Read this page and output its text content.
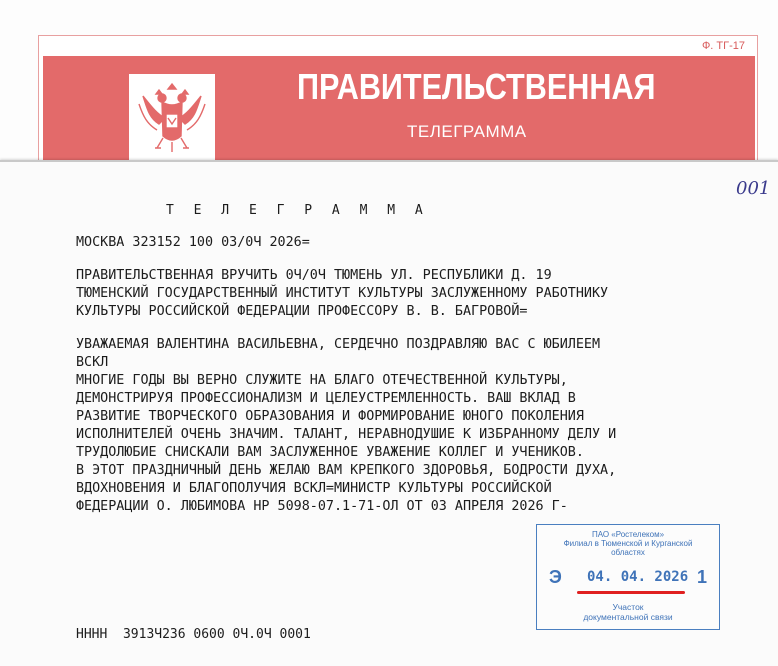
Ф. ТГ-17
ПРАВИТЕЛЬСТВЕННАЯ
ТЕЛЕГРАММА
001
Т Е Л Е Г Р А М М А
МОСКВА 323152 100 03/0Ч 2026=
ПРАВИТЕЛЬСТВЕННАЯ ВРУЧИТЬ 0Ч/0Ч ТЮМЕНЬ УЛ. РЕСПУБЛИКИ Д. 19
ТЮМЕНСКИЙ ГОСУДАРСТВЕННЫЙ ИНСТИТУТ КУЛЬТУРЫ ЗАСЛУЖЕННОМУ РАБОТНИКУ
КУЛЬТУРЫ РОССИЙСКОЙ ФЕДЕРАЦИИ ПРОФЕССОРУ В. В. БАГРОВОЙ=
УВАЖАЕМАЯ ВАЛЕНТИНА ВАСИЛЬЕВНА, СЕРДЕЧНО ПОЗДРАВЛЯЮ ВАС С ЮБИЛЕЕМ
ВСКЛ
МНОГИЕ ГОДЫ ВЫ ВЕРНО СЛУЖИТЕ НА БЛАГО ОТЕЧЕСТВЕННОЙ КУЛЬТУРЫ,
ДЕМОНСТРИРУЯ ПРОФЕССИОНАЛИЗМ И ЦЕЛЕУСТРЕМЛЕННОСТЬ. ВАШ ВКЛАД В
РАЗВИТИЕ ТВОРЧЕСКОГО ОБРАЗОВАНИЯ И ФОРМИРОВАНИЕ ЮНОГО ПОКОЛЕНИЯ
ИСПОЛНИТЕЛЕЙ ОЧЕНЬ ЗНАЧИМ. ТАЛАНТ, НЕРАВНОДУШИЕ К ИЗБРАННОМУ ДЕЛУ И
ТРУДОЛЮБИЕ СНИСКАЛИ ВАМ ЗАСЛУЖЕННОЕ УВАЖЕНИЕ КОЛЛЕГ И УЧЕНИКОВ.
В ЭТОТ ПРАЗДНИЧНЫЙ ДЕНЬ ЖЕЛАЮ ВАМ КРЕПКОГО ЗДОРОВЬЯ, БОДРОСТИ ДУХА,
ВДОХНОВЕНИЯ И БЛАГОПОЛУЧИЯ ВСКЛ=МИНИСТР КУЛЬТУРЫ РОССИЙСКОЙ
ФЕДЕРАЦИИ О. ЛЮБИМОВА НР 5098-07.1-71-ОЛ ОТ 03 АПРЕЛЯ 2026 Г-
ПАО «Ростелеком»
Филиал в Тюменской и Курганской
областях
Э 04. 04. 2026 1
Участок
документальной связи
НННН  3913Ч236 0600 0Ч.0Ч 0001
